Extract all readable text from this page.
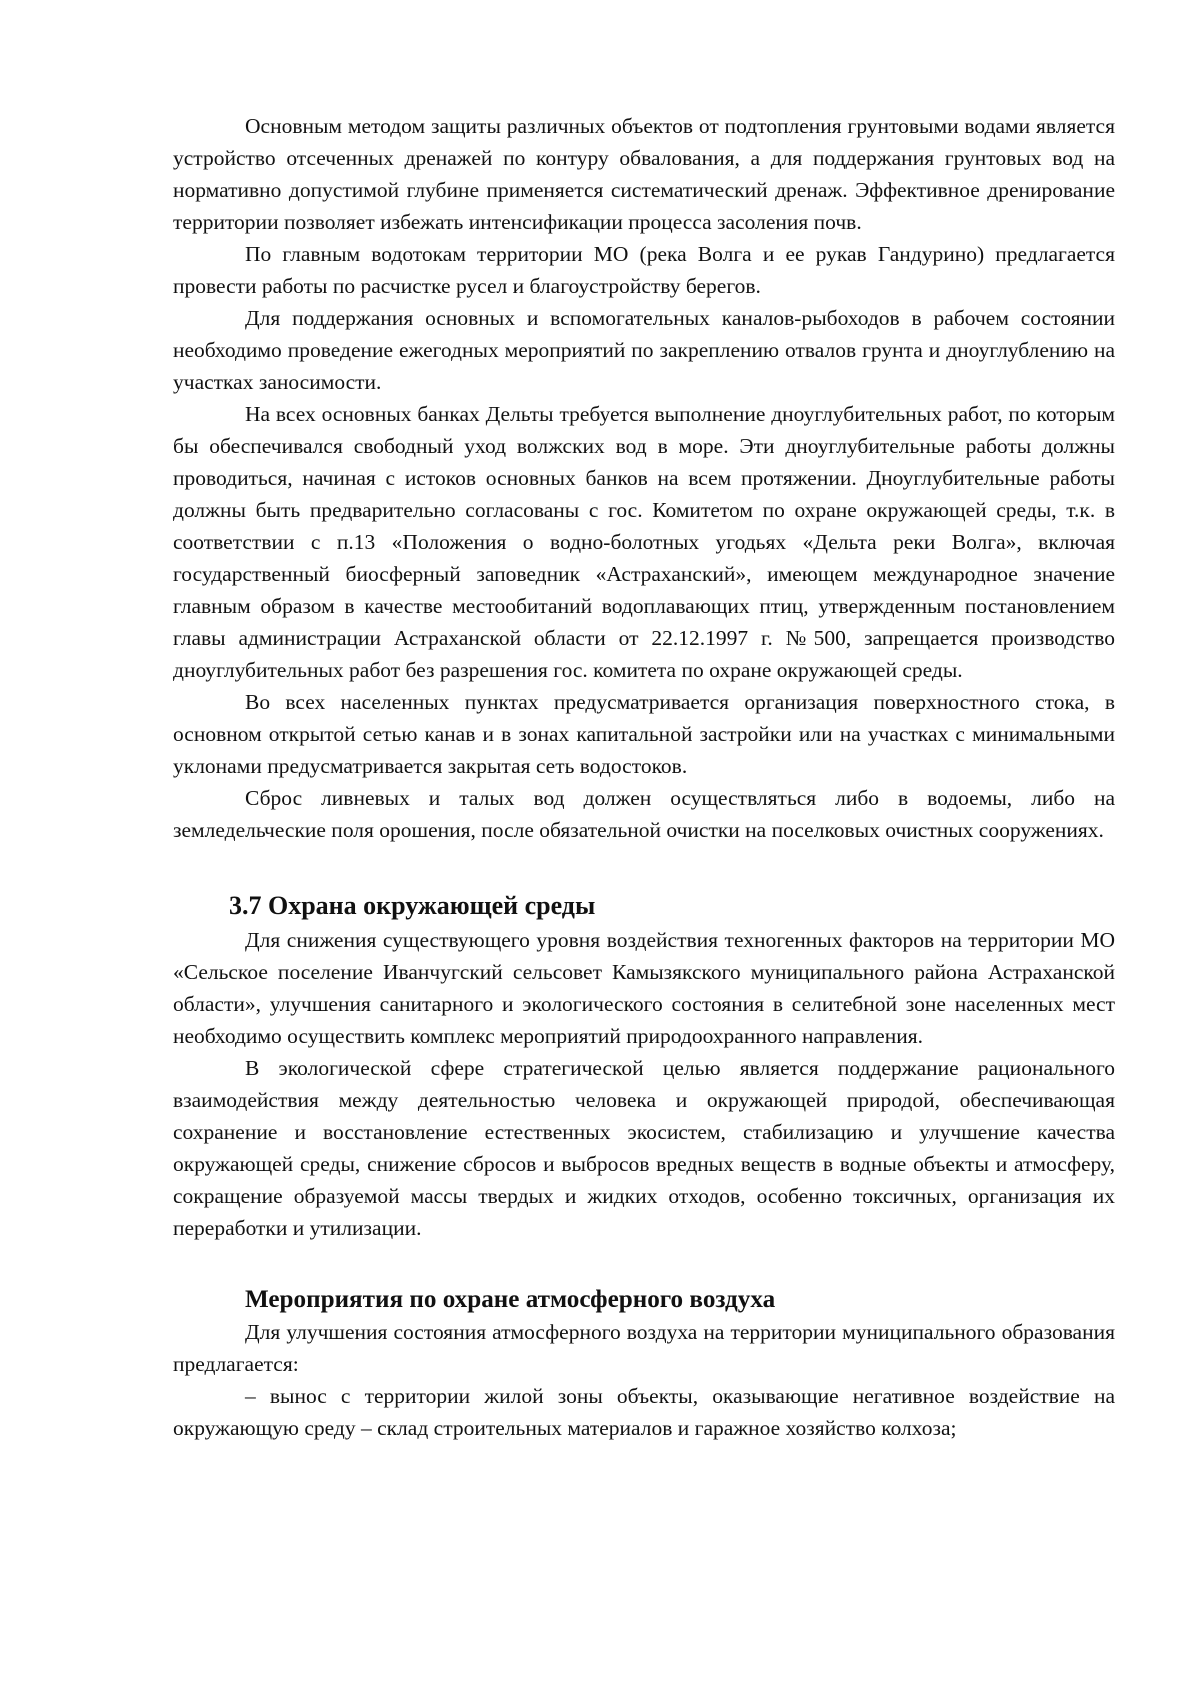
Основным методом защиты различных объектов от подтопления грунтовыми водами является устройство отсеченных дренажей по контуру обвалования, а для поддержания грунтовых вод на нормативно допустимой глубине применяется систематический дренаж. Эффективное дренирование территории позволяет избежать интенсификации процесса засоления почв.

По главным водотокам территории МО (река Волга и ее рукав Гандурино) предлагается провести работы по расчистке русел и благоустройству берегов.

Для поддержания основных и вспомогательных каналов-рыбоходов в рабочем состоянии необходимо проведение ежегодных мероприятий по закреплению отвалов грунта и дноуглублению на участках заносимости.

На всех основных банках Дельты требуется выполнение дноуглубительных работ, по которым бы обеспечивался свободный уход волжских вод в море. Эти дноуглубительные работы должны проводиться, начиная с истоков основных банков на всем протяжении. Дноуглубительные работы должны быть предварительно согласованы с гос. Комитетом по охране окружающей среды, т.к. в соответствии с п.13 «Положения о водно-болотных угодьях «Дельта реки Волга», включая государственный биосферный заповедник «Астраханский», имеющем международное значение главным образом в качестве местообитаний водоплавающих птиц, утвержденным постановлением главы администрации Астраханской области от 22.12.1997 г. №500, запрещается производство дноуглубительных работ без разрешения гос. комитета по охране окружающей среды.

Во всех населенных пунктах предусматривается организация поверхностного стока, в основном открытой сетью канав и в зонах капитальной застройки или на участках с минимальными уклонами предусматривается закрытая сеть водостоков.

Сброс ливневых и талых вод должен осуществляться либо в водоемы, либо на земледельческие поля орошения, после обязательной очистки на поселковых очистных сооружениях.

3.7 Охрана окружающей среды

Для снижения существующего уровня воздействия техногенных факторов на территории МО «Сельское поселение Иванчугский сельсовет Камызякского муниципального района Астраханской области», улучшения санитарного и экологического состояния в селитебной зоне населенных мест необходимо осуществить комплекс мероприятий природоохранного направления.

В экологической сфере стратегической целью является поддержание рационального взаимодействия между деятельностью человека и окружающей природой, обеспечивающая сохранение и восстановление естественных экосистем, стабилизацию и улучшение качества окружающей среды, снижение сбросов и выбросов вредных веществ в водные объекты и атмосферу, сокращение образуемой массы твердых и жидких отходов, особенно токсичных, организация их переработки и утилизации.

Мероприятия по охране атмосферного воздуха

Для улучшения состояния атмосферного воздуха на территории муниципального образования предлагается:

– вынос с территории жилой зоны объекты, оказывающие негативное воздействие на окружающую среду – склад строительных материалов и гаражное хозяйство колхоза;
